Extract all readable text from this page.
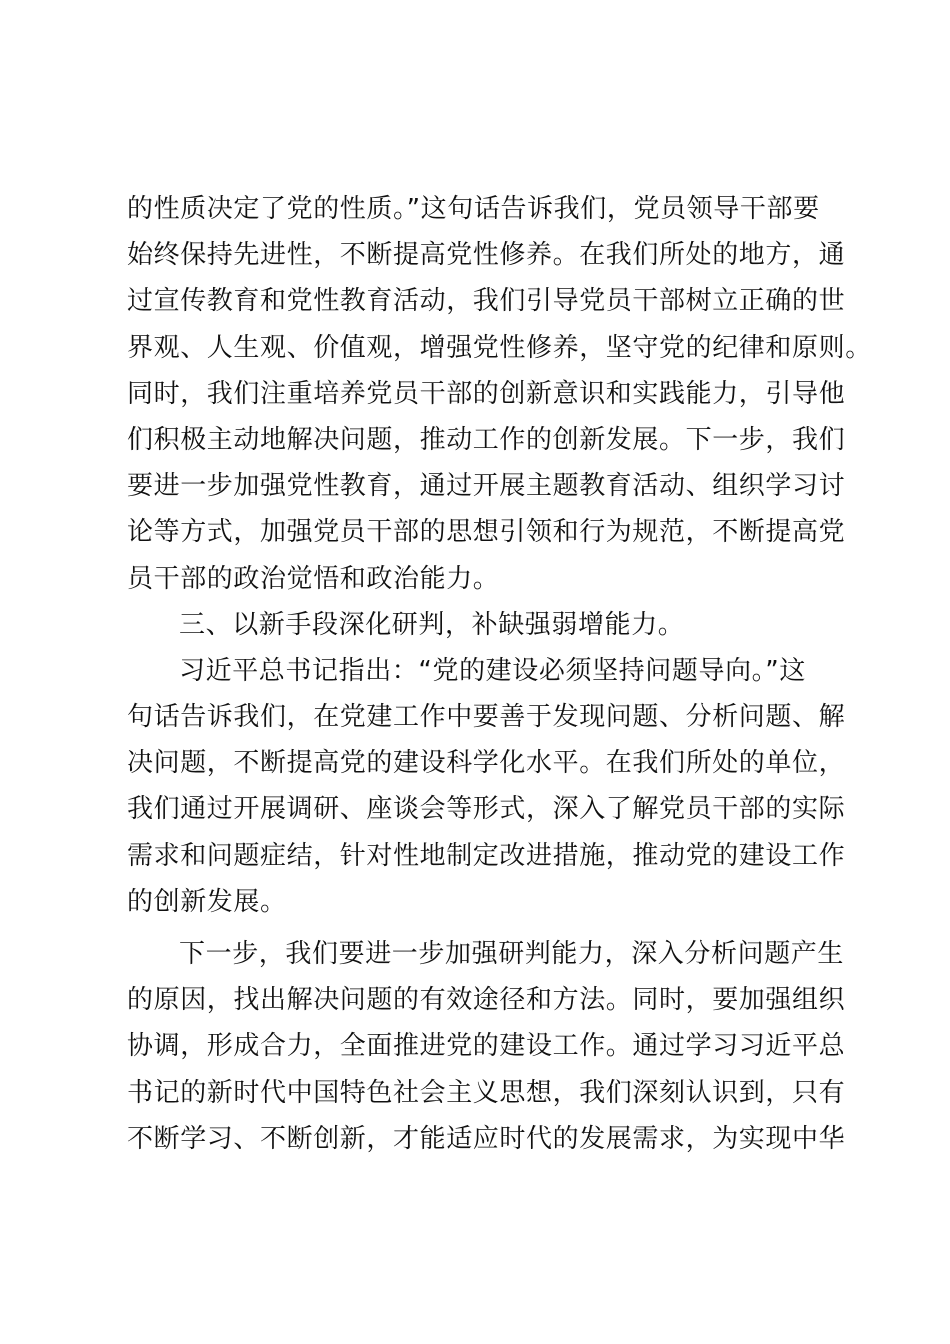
的性质决定了党的性质。”这句话告诉我们，党员领导干部要
始终保持先进性，不断提高党性修养。在我们所处的地方，通
过宣传教育和党性教育活动，我们引导党员干部树立正确的世
界观、人生观、价值观，增强党性修养，坚守党的纪律和原则。
同时，我们注重培养党员干部的创新意识和实践能力，引导他
们积极主动地解决问题，推动工作的创新发展。下一步，我们
要进一步加强党性教育，通过开展主题教育活动、组织学习讨
论等方式，加强党员干部的思想引领和行为规范，不断提高党
员干部的政治觉悟和政治能力。
三、以新手段深化研判，补缺强弱增能力。
习近平总书记指出：“党的建设必须坚持问题导向。”这
句话告诉我们，在党建工作中要善于发现问题、分析问题、解
决问题，不断提高党的建设科学化水平。在我们所处的单位，
我们通过开展调研、座谈会等形式，深入了解党员干部的实际
需求和问题症结，针对性地制定改进措施，推动党的建设工作
的创新发展。
下一步，我们要进一步加强研判能力，深入分析问题产生
的原因，找出解决问题的有效途径和方法。同时，要加强组织
协调，形成合力，全面推进党的建设工作。通过学习习近平总
书记的新时代中国特色社会主义思想，我们深刻认识到，只有
不断学习、不断创新，才能适应时代的发展需求，为实现中华
